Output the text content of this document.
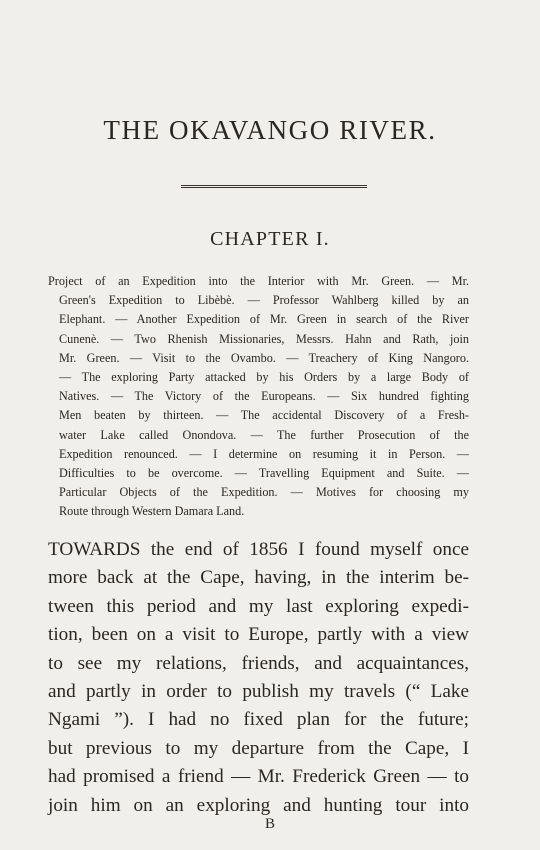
THE OKAVANGO RIVER.
CHAPTER I.
Project of an Expedition into the Interior with Mr. Green. — Mr.
Green's Expedition to Libèbè. — Professor Wahlberg killed by an
Elephant. — Another Expedition of Mr. Green in search of the River
Cunenè. — Two Rhenish Missionaries, Messrs. Hahn and Rath, join
Mr. Green. — Visit to the Ovambo. — Treachery of King Nangoro.
— The exploring Party attacked by his Orders by a large Body of
Natives. — The Victory of the Europeans. — Six hundred fighting
Men beaten by thirteen. — The accidental Discovery of a Fresh-
water Lake called Onondova. — The further Prosecution of the
Expedition renounced. — I determine on resuming it in Person. —
Difficulties to be overcome. — Travelling Equipment and Suite. —
Particular Objects of the Expedition. — Motives for choosing my
Route through Western Damara Land.
TOWARDS the end of 1856 I found myself once
more back at the Cape, having, in the interim be-
tween this period and my last exploring expedi-
tion, been on a visit to Europe, partly with a view
to see my relations, friends, and acquaintances,
and partly in order to publish my travels (“ Lake
Ngami ”). I had no fixed plan for the future;
but previous to my departure from the Cape, I
had promised a friend — Mr. Frederick Green — to
join him on an exploring and hunting tour into
B
